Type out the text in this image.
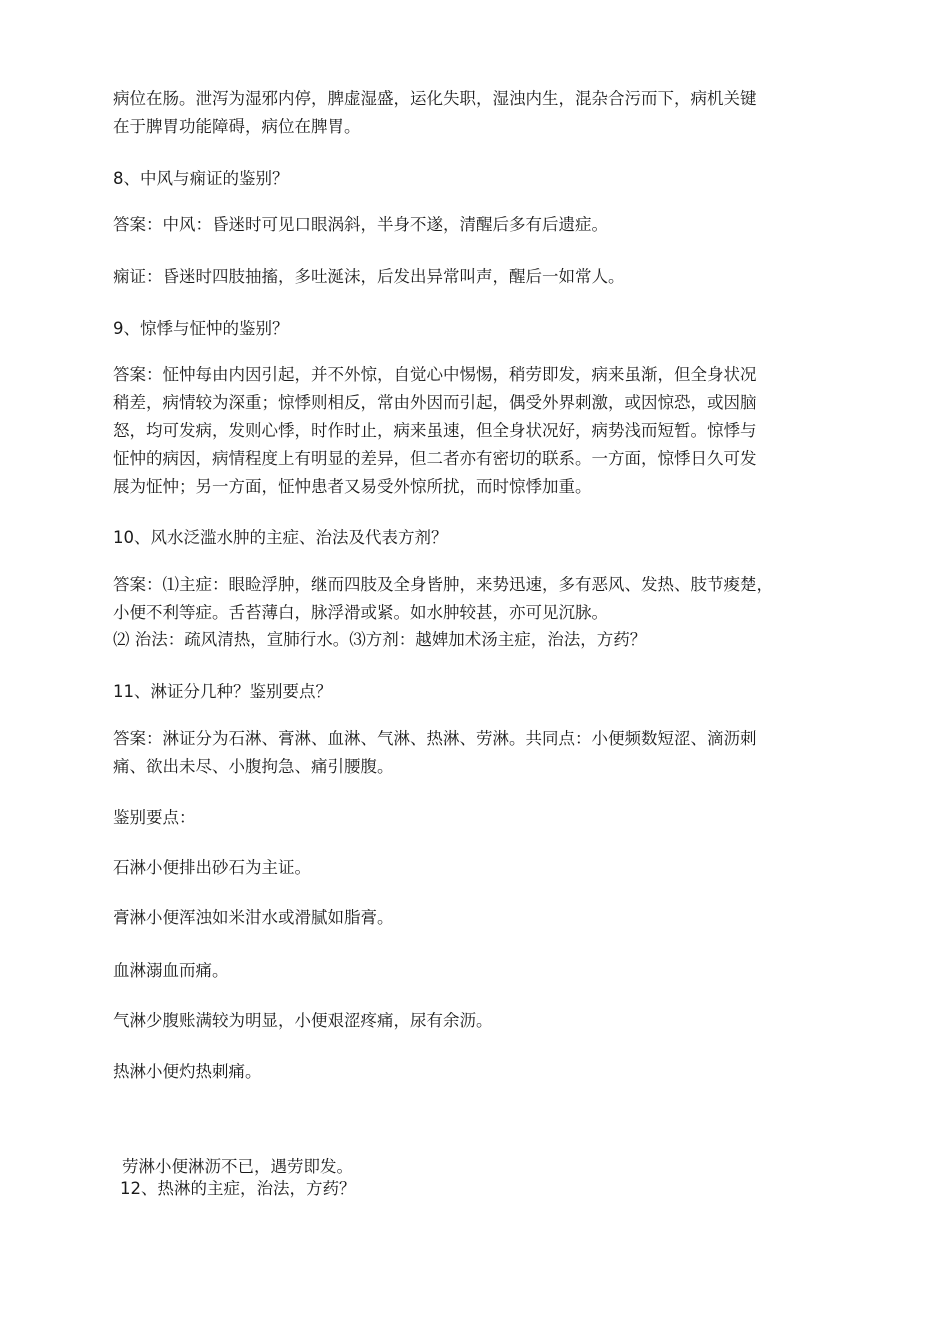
病位在肠。泄泻为湿邪内停，脾虚湿盛，运化失职，湿浊内生，混杂合污而下，病机关键
在于脾胃功能障碍，病位在脾胃。
8、中风与痫证的鉴别？
答案：中风：昏迷时可见口眼涡斜，半身不遂，清醒后多有后遗症。
痫证：昏迷时四肢抽搐，多吐涎沫，后发出异常叫声，醒后一如常人。
9、惊悸与怔忡的鉴别？
答案：怔忡每由内因引起，并不外惊，自觉心中惕惕，稍劳即发，病来虽渐，但全身状况
稍差，病情较为深重；惊悸则相反，常由外因而引起，偶受外界刺激，或因惊恐，或因脑
怒，均可发病，发则心悸，时作时止，病来虽速，但全身状况好，病势浅而短暂。惊悸与
怔忡的病因，病情程度上有明显的差异，但二者亦有密切的联系。一方面，惊悸日久可发
展为怔忡；另一方面，怔忡患者又易受外惊所扰，而时惊悸加重。
10、风水泛滥水肿的主症、治法及代表方剂？
答案：⑴主症：眼睑浮肿，继而四肢及全身皆肿，来势迅速，多有恶风、发热、肢节痠楚，
小便不利等症。舌苔薄白，脉浮滑或紧。如水肿较甚，亦可见沉脉。
⑵ 治法：疏风清热，宣肺行水。⑶方剂：越婢加术汤主症，治法，方药？
11、淋证分几种？鉴别要点？
答案：淋证分为石淋、膏淋、血淋、气淋、热淋、劳淋。共同点：小便频数短涩、滴沥刺
痛、欲出未尽、小腹拘急、痛引腰腹。
鉴别要点：
石淋小便排出砂石为主证。
膏淋小便浑浊如米泔水或滑腻如脂膏。
血淋溺血而痛。
气淋少腹账满较为明显，小便艰涩疼痛，尿有余沥。
热淋小便灼热刺痛。
劳淋小便淋沥不已，遇劳即发。
12、热淋的主症，治法，方药？
